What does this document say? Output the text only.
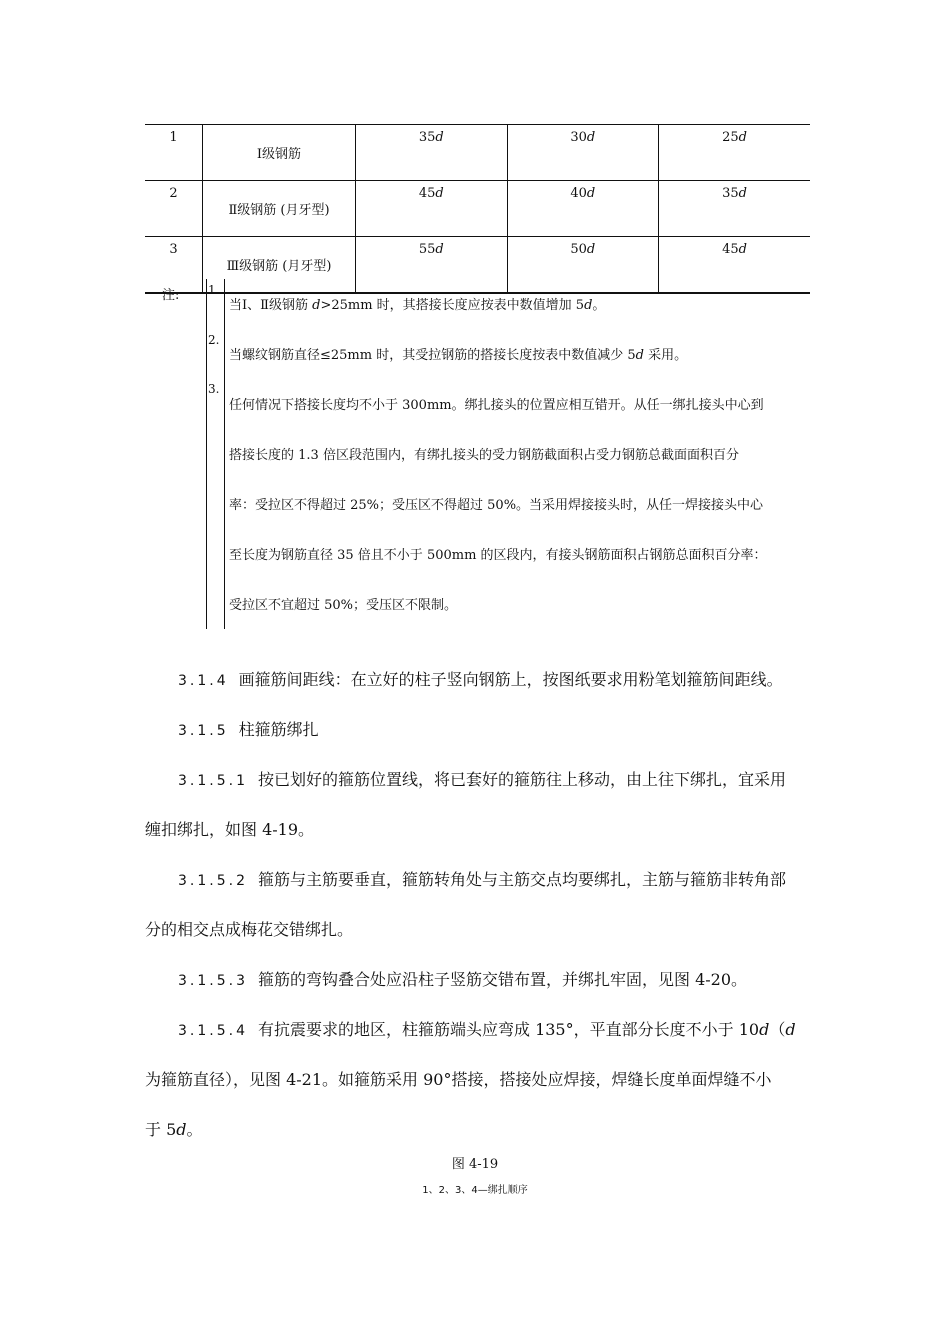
1	Ⅰ级钢筋	35d	30d	25d
2	Ⅱ级钢筋 (月牙型)	45d	40d	35d
3	Ⅲ级钢筋 (月牙型)	55d	50d	45d
注: 1.
2.
3.
当Ⅰ、Ⅱ级钢筋 d>25mm 时，其搭接长度应按表中数值增加 5d。
当螺纹钢筋直径≤25mm 时，其受拉钢筋的搭接长度按表中数值减少 5d 采用。
任何情况下搭接长度均不小于 300mm。绑扎接头的位置应相互错开。从任一绑扎接头中心到
搭接长度的 1.3 倍区段范围内，有绑扎接头的受力钢筋截面积占受力钢筋总截面面积百分
率：受拉区不得超过 25%；受压区不得超过 50%。当采用焊接接头时，从任一焊接接头中心
至长度为钢筋直径 35 倍且不小于 500mm 的区段内，有接头钢筋面积占钢筋总面积百分率：
受拉区不宜超过 50%；受压区不限制。
3.1.4 画箍筋间距线：在立好的柱子竖向钢筋上，按图纸要求用粉笔划箍筋间距线。
3.1.5 柱箍筋绑扎
3.1.5.1 按已划好的箍筋位置线，将已套好的箍筋往上移动，由上往下绑扎，宜采用
缠扣绑扎，如图 4-19。
3.1.5.2 箍筋与主筋要垂直，箍筋转角处与主筋交点均要绑扎，主筋与箍筋非转角部
分的相交点成梅花交错绑扎。
3.1.5.3 箍筋的弯钩叠合处应沿柱子竖筋交错布置，并绑扎牢固，见图 4-20。
3.1.5.4 有抗震要求的地区，柱箍筋端头应弯成 135°，平直部分长度不小于 10d（d
为箍筋直径），见图 4-21。如箍筋采用 90°搭接，搭接处应焊接，焊缝长度单面焊缝不小
于 5d。
图 4-19
1、2、3、4—绑扎顺序
